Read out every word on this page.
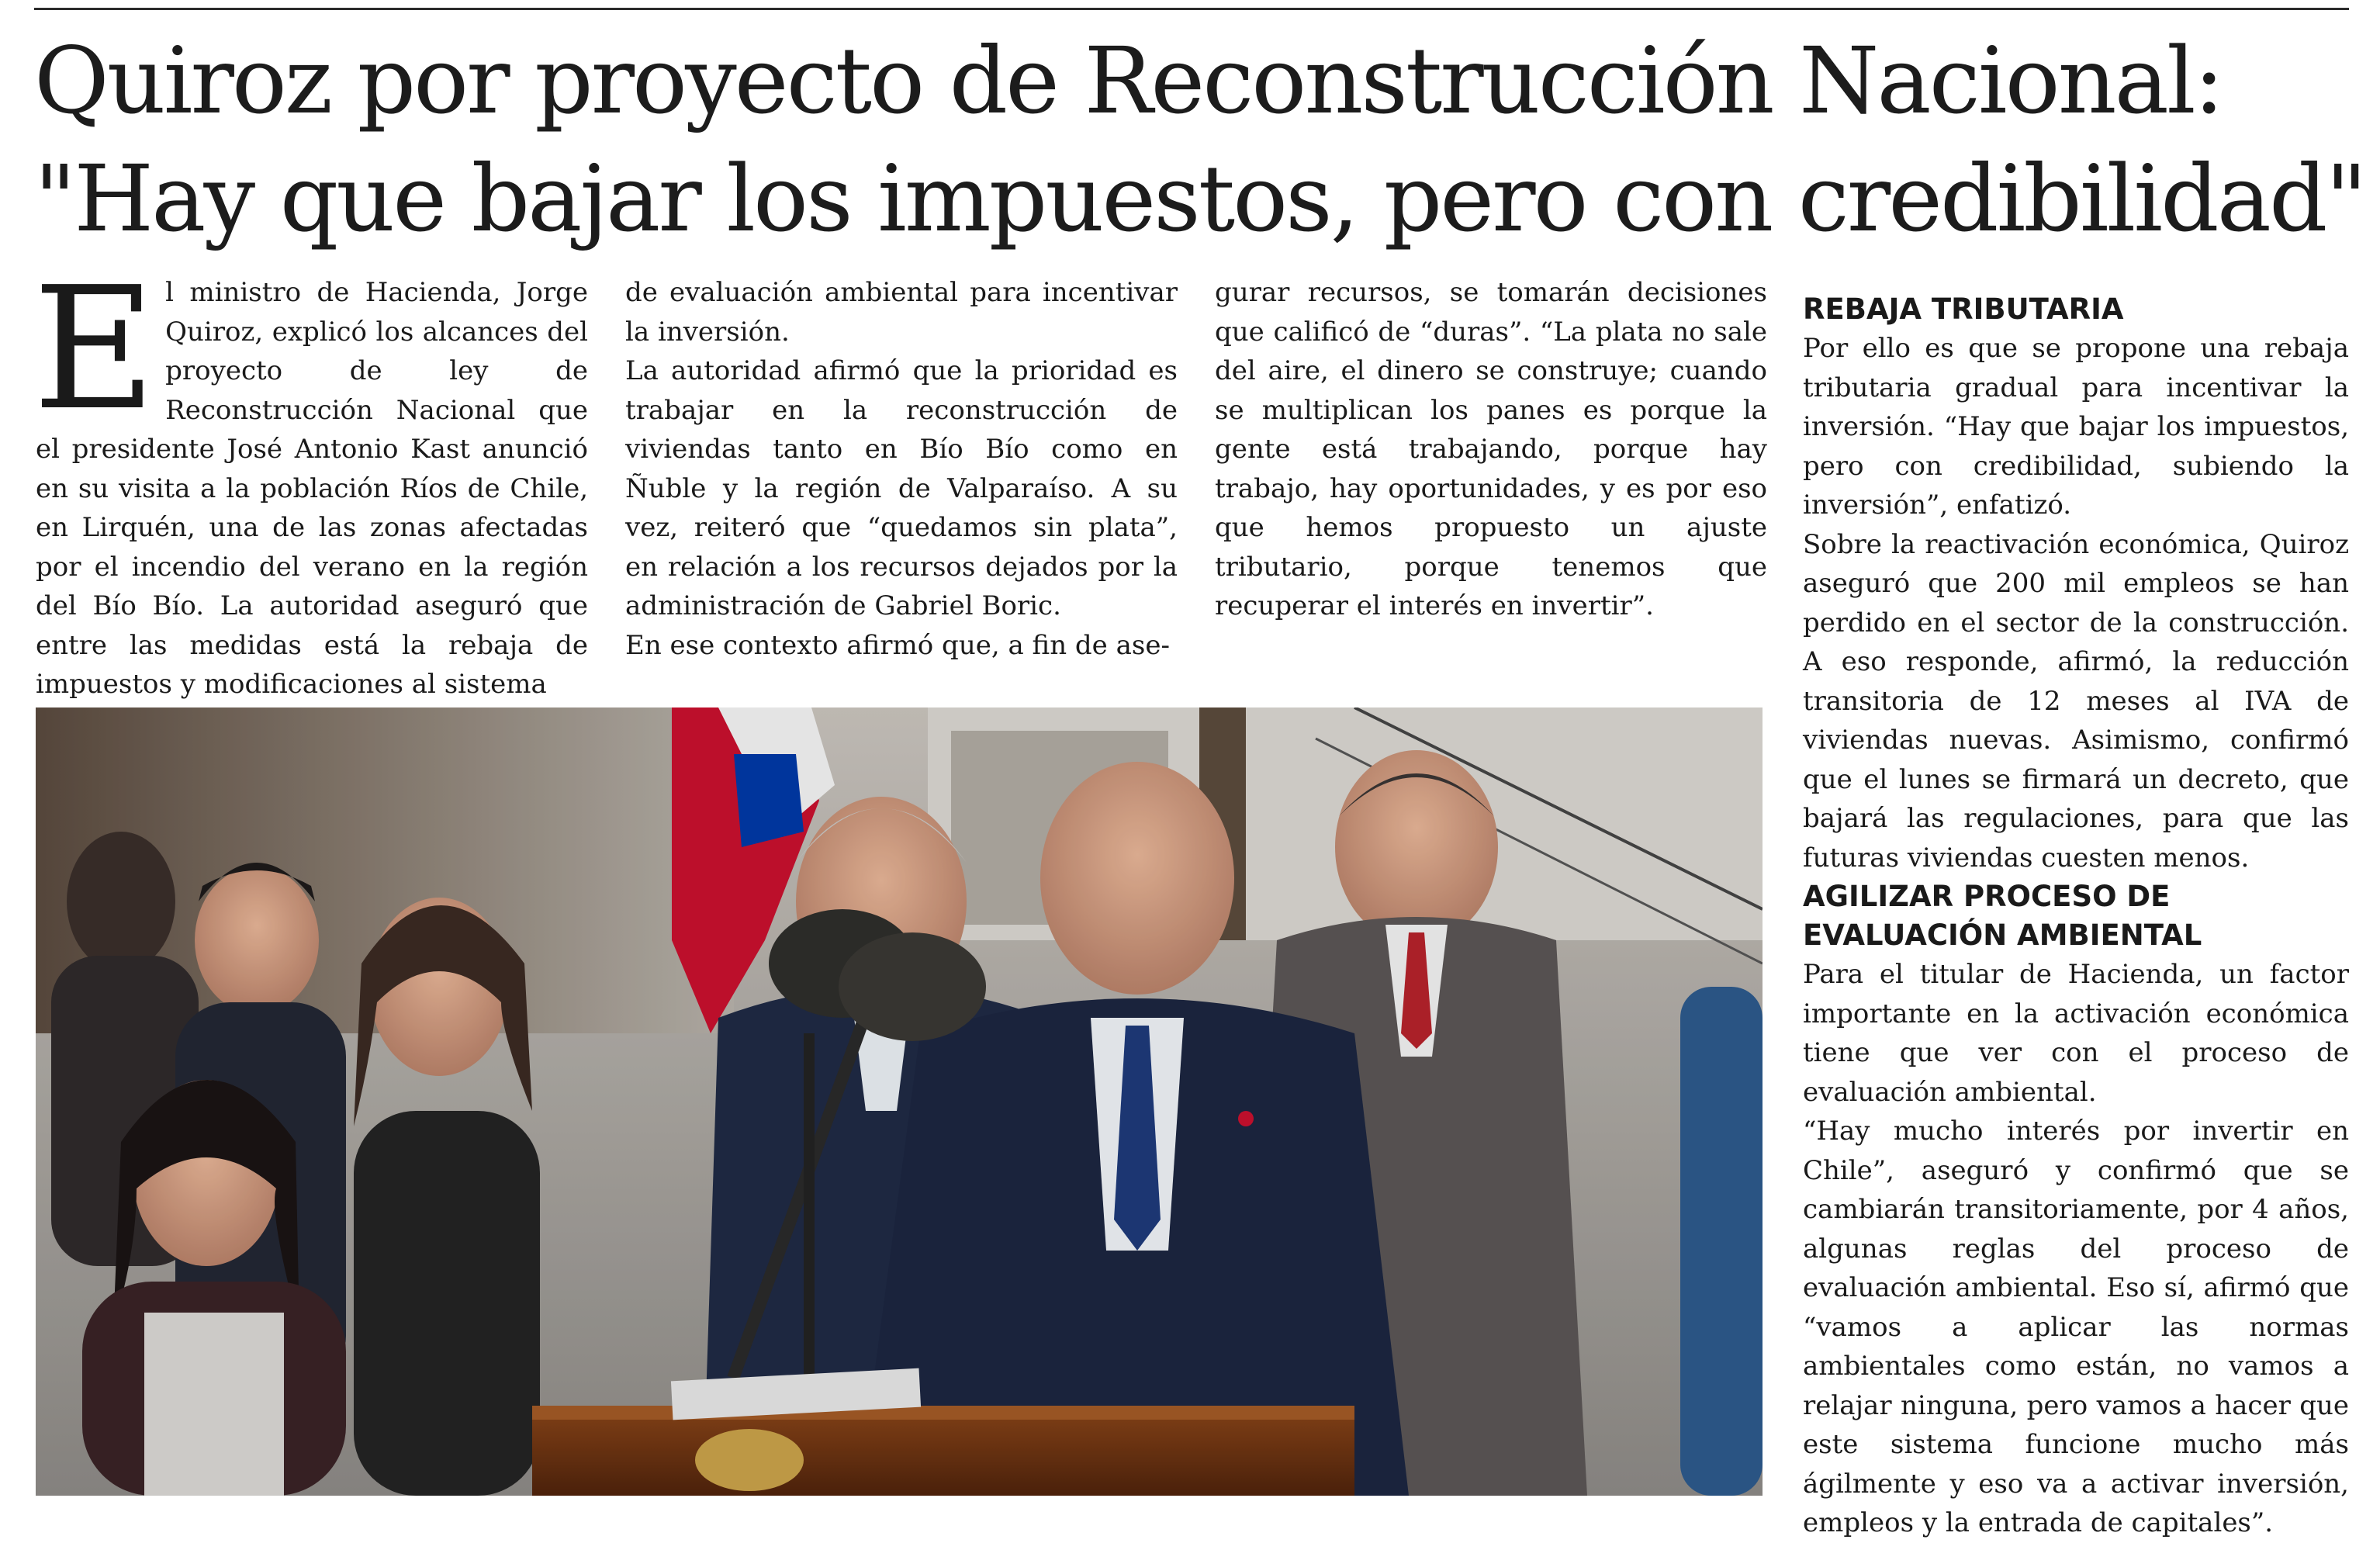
Quiroz por proyecto de Reconstrucción Nacional:
"Hay que bajar los impuestos, pero con credibilidad"

El ministro de Hacienda, Jorge Quiroz, explicó los alcances del proyecto de ley de Reconstrucción Nacional que el presidente José Antonio Kast anunció en su visita a la población Ríos de Chile, en Lirquén, una de las zonas afectadas por el incendio del verano en la región del Bío Bío. La autoridad aseguró que entre las medidas está la rebaja de impuestos y modificaciones al sistema

de evaluación ambiental para incentivar la inversión.

La autoridad afirmó que la prioridad es trabajar en la reconstrucción de viviendas tanto en Bío Bío como en Ñuble y la región de Valparaíso. A su vez, reiteró que “quedamos sin plata”, en relación a los recursos dejados por la administración de Gabriel Boric.

En ese contexto afirmó que, a fin de ase-

gurar recursos, se tomarán decisiones que calificó de “duras”. “La plata no sale del aire, el dinero se construye; cuando se multiplican los panes es porque la gente está trabajando, porque hay trabajo, hay oportunidades, y es por eso que hemos propuesto un ajuste tributario, porque tenemos que recuperar el interés en invertir”.

REBAJA TRIBUTARIA

Por ello es que se propone una rebaja tributaria gradual para incentivar la inversión. “Hay que bajar los impuestos, pero con credibilidad, subiendo la inversión”, enfatizó.

Sobre la reactivación económica, Quiroz aseguró que 200 mil empleos se han perdido en el sector de la construcción. A eso responde, afirmó, la reducción transitoria de 12 meses al IVA de viviendas nuevas. Asimismo, confirmó que el lunes se firmará un decreto, que bajará las regulaciones, para que las futuras viviendas cuesten menos.

AGILIZAR PROCESO DE EVALUACIÓN AMBIENTAL

Para el titular de Hacienda, un factor importante en la activación económica tiene que ver con el proceso de evaluación ambiental.

“Hay mucho interés por invertir en Chile”, aseguró y confirmó que se cambiarán transitoriamente, por 4 años, algunas reglas del proceso de evaluación ambiental. Eso sí, afirmó que “vamos a aplicar las normas ambientales como están, no vamos a relajar ninguna, pero vamos a hacer que este sistema funcione mucho más ágilmente y eso va a activar inversión, empleos y la entrada de capitales”.
